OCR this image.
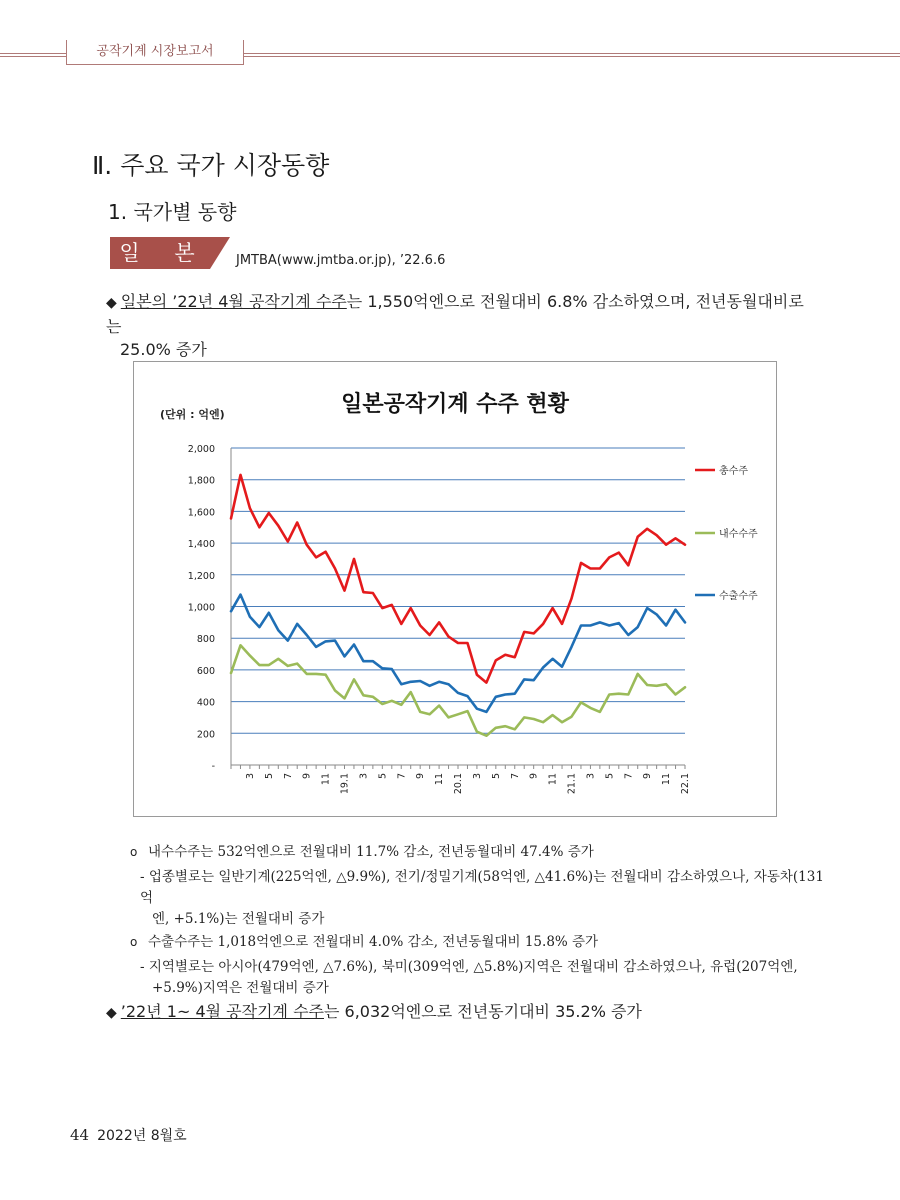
공작기계 시장보고서
Ⅱ. 주요 국가 시장동향
1. 국가별 동향
일 본 JMTBA(www.jmtba.or.jp), ’22.6.6
◆ 일본의 ’22년 4월 공작기계 수주는 1,550억엔으로 전월대비 6.8% 감소하였으며, 전년동월대비로는
25.0% 증가
일본공작기계 수주 현황
(단위 : 억엔)
-
200
400
600
800
1,000
1,200
1,400
1,600
1,800
2,000
3 5 7 9 11 19.1 3 5 7 9 11 20.1 3 5 7 9 11 21.1 3 5 7 9 11 22.1
총수주
내수수주
수출수주

o 내수수주는 532억엔으로 전월대비 11.7% 감소, 전년동월대비 47.4% 증가

- 업종별로는 일반기계(225억엔, △9.9%), 전기/정밀기계(58억엔, △41.6%)는 전월대비 감소하였으나, 자동차(131억

엔, +5.1%)는 전월대비 증가

o 수출수주는 1,018억엔으로 전월대비 4.0% 감소, 전년동월대비 15.8% 증가

- 지역별로는 아시아(479억엔, △7.6%), 북미(309억엔, △5.8%)지역은 전월대비 감소하였으나, 유럽(207억엔,

+5.9%)지역은 전월대비 증가

◆ ’22년 1~ 4월 공작기계 수주는 6,032억엔으로 전년동기대비 35.2% 증가
44 2022년 8월호
